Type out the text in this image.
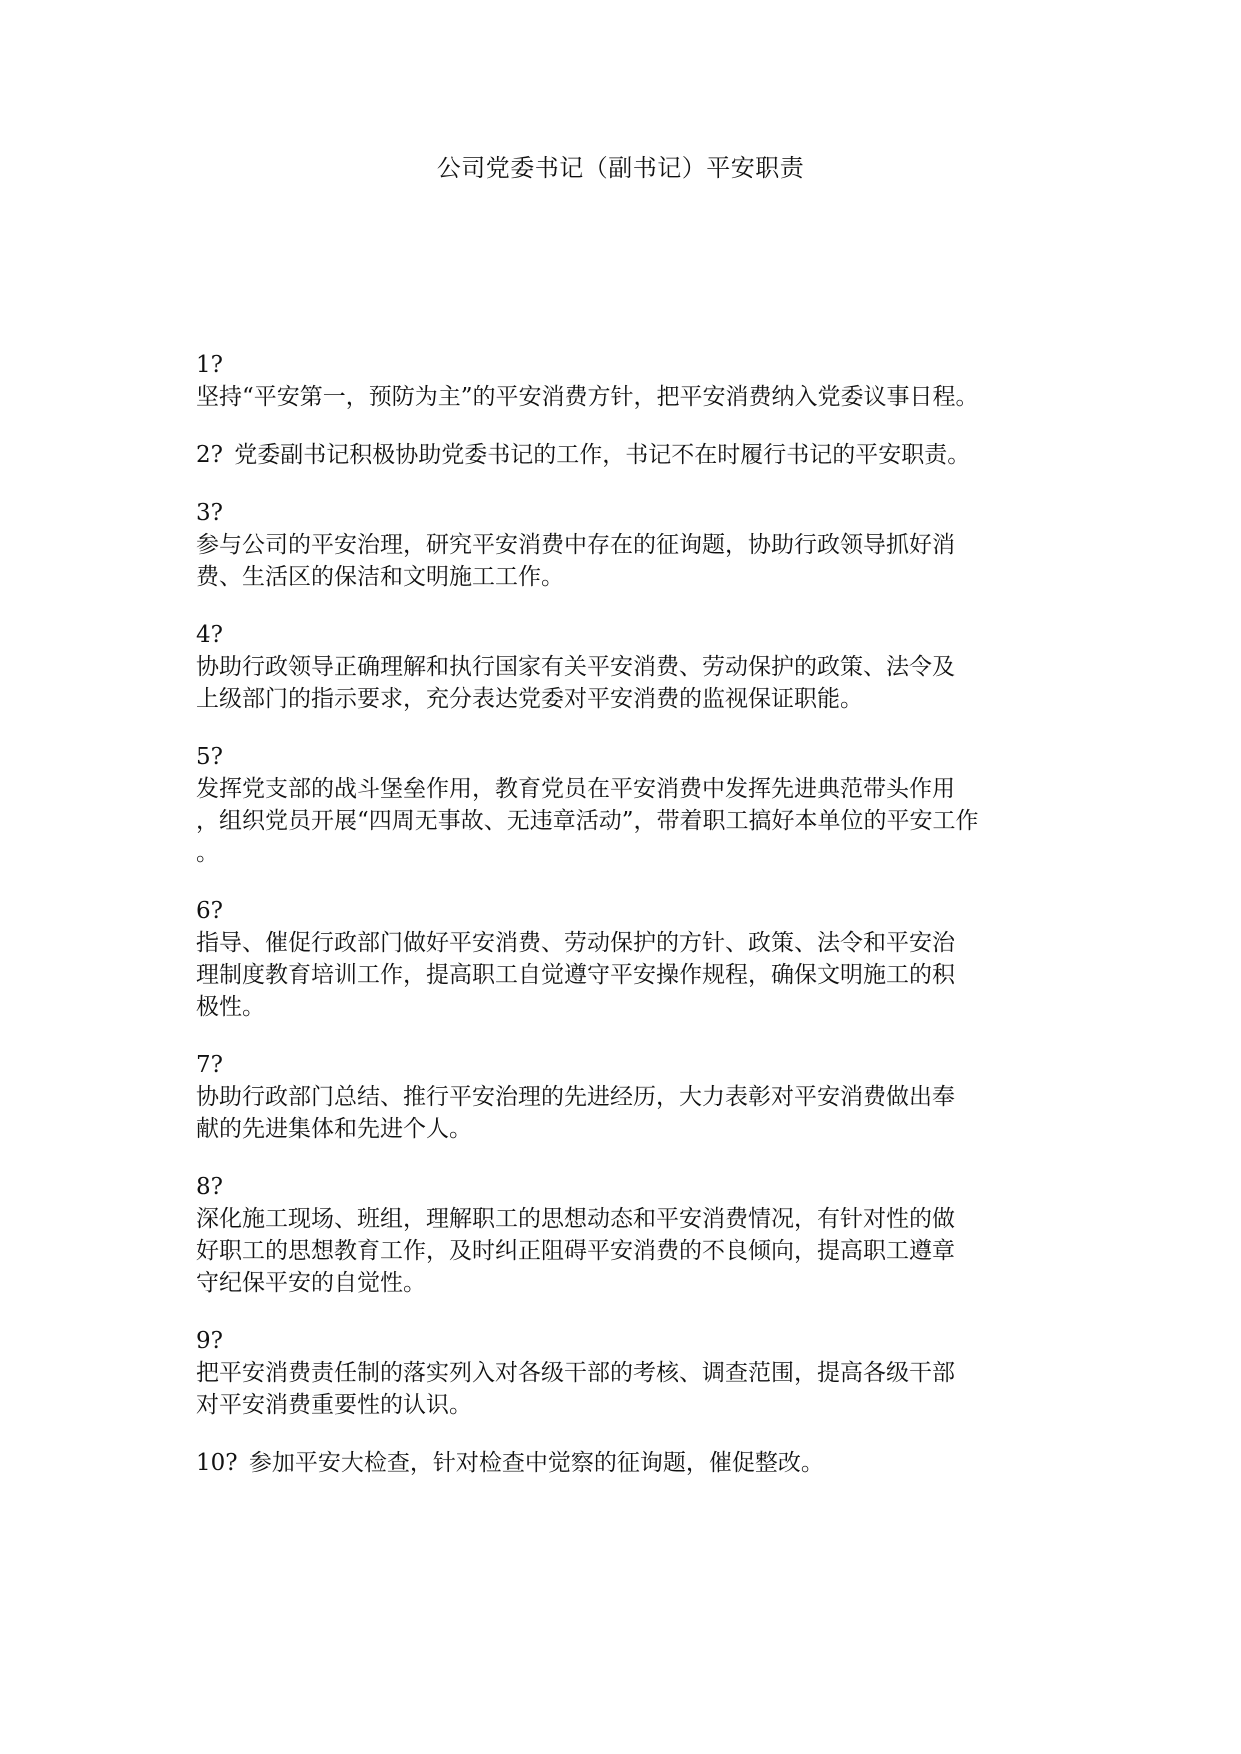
公司党委书记（副书记）平安职责
1?
坚持“平安第一，预防为主”的平安消费方针，把平安消费纳入党委议事日程。
2? 党委副书记积极协助党委书记的工作，书记不在时履行书记的平安职责。
3?
参与公司的平安治理，研究平安消费中存在的征询题，协助行政领导抓好消
费、生活区的保洁和文明施工工作。
4?
协助行政领导正确理解和执行国家有关平安消费、劳动保护的政策、法令及
上级部门的指示要求，充分表达党委对平安消费的监视保证职能。
5?
发挥党支部的战斗堡垒作用，教育党员在平安消费中发挥先进典范带头作用
，组织党员开展“四周无事故、无违章活动”，带着职工搞好本单位的平安工作
。
6?
指导、催促行政部门做好平安消费、劳动保护的方针、政策、法令和平安治
理制度教育培训工作，提高职工自觉遵守平安操作规程，确保文明施工的积
极性。
7?
协助行政部门总结、推行平安治理的先进经历，大力表彰对平安消费做出奉
献的先进集体和先进个人。
8?
深化施工现场、班组，理解职工的思想动态和平安消费情况，有针对性的做
好职工的思想教育工作，及时纠正阻碍平安消费的不良倾向，提高职工遵章
守纪保平安的自觉性。
9?
把平安消费责任制的落实列入对各级干部的考核、调查范围，提高各级干部
对平安消费重要性的认识。
10? 参加平安大检查，针对检查中觉察的征询题，催促整改。
